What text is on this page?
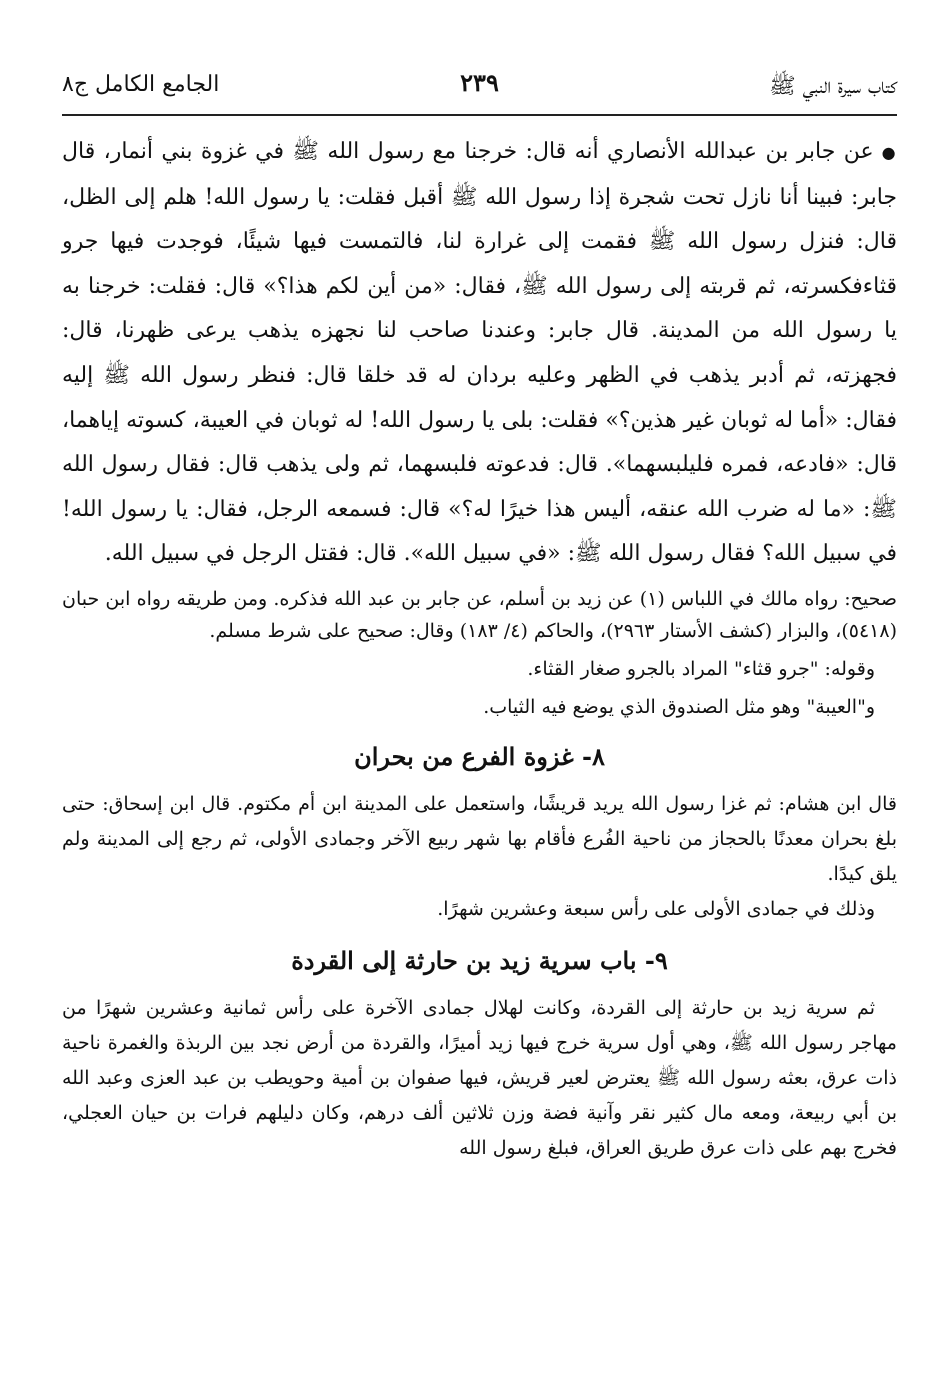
كتاب سيرة النبي ﷺ
٢٣٩
الجامع الكامل ج٨

●عن جابر بن عبدالله الأنصاري أنه قال: خرجنا مع رسول الله ﷺ في غزوة بني أنمار، قال جابر: فبينا أنا نازل تحت شجرة إذا رسول الله ﷺ أقبل فقلت: يا رسول الله! هلم إلى الظل، قال: فنزل رسول الله ﷺ فقمت إلى غرارة لنا، فالتمست فيها شيئًا، فوجدت فيها جرو قثاءفكسرته، ثم قربته إلى رسول الله ﷺ، فقال: «من أين لكم هذا؟» قال: فقلت: خرجنا به يا رسول الله من المدينة. قال جابر: وعندنا صاحب لنا نجهزه يذهب يرعى ظهرنا، قال: فجهزته، ثم أدبر يذهب في الظهر وعليه بردان له قد خلقا قال: فنظر رسول الله ﷺ إليه فقال: «أما له ثوبان غير هذين؟» فقلت: بلى يا رسول الله! له ثوبان في العيبة، كسوته إياهما، قال: «فادعه، فمره فليلبسهما». قال: فدعوته فلبسهما، ثم ولى يذهب قال: فقال رسول الله ﷺ: «ما له ضرب الله عنقه، أليس هذا خيرًا له؟» قال: فسمعه الرجل، فقال: يا رسول الله! في سبيل الله؟ فقال رسول الله ﷺ: «في سبيل الله». قال: فقتل الرجل في سبيل الله.

صحيح: رواه مالك في اللباس (١) عن زيد بن أسلم، عن جابر بن عبد الله فذكره. ومن طريقه رواه ابن حبان (٥٤١٨)، والبزار (كشف الأستار ٢٩٦٣)، والحاكم (٤/ ١٨٣) وقال: صحيح على شرط مسلم.

وقوله: "جرو قثاء" المراد بالجرو صغار القثاء.

و"العيبة" وهو مثل الصندوق الذي يوضع فيه الثياب.

٨- غزوة الفرع من بحران

قال ابن هشام: ثم غزا رسول الله يريد قريشًا، واستعمل على المدينة ابن أم مكتوم. قال ابن إسحاق: حتى بلغ بحران معدنًا بالحجاز من ناحية الفُرع فأقام بها شهر ربيع الآخر وجمادى الأولى، ثم رجع إلى المدينة ولم يلق كيدًا.

وذلك في جمادى الأولى على رأس سبعة وعشرين شهرًا.

٩- باب سرية زيد بن حارثة إلى القردة

ثم سرية زيد بن حارثة إلى القردة، وكانت لهلال جمادى الآخرة على رأس ثمانية وعشرين شهرًا من مهاجر رسول الله ﷺ، وهي أول سرية خرج فيها زيد أميرًا، والقردة من أرض نجد بين الربذة والغمرة ناحية ذات عرق، بعثه رسول الله ﷺ يعترض لعير قريش، فيها صفوان بن أمية وحويطب بن عبد العزى وعبد الله بن أبي ربيعة، ومعه مال كثير نقر وآنية فضة وزن ثلاثين ألف درهم، وكان دليلهم فرات بن حيان العجلي، فخرج بهم على ذات عرق طريق العراق، فبلغ رسول الله
